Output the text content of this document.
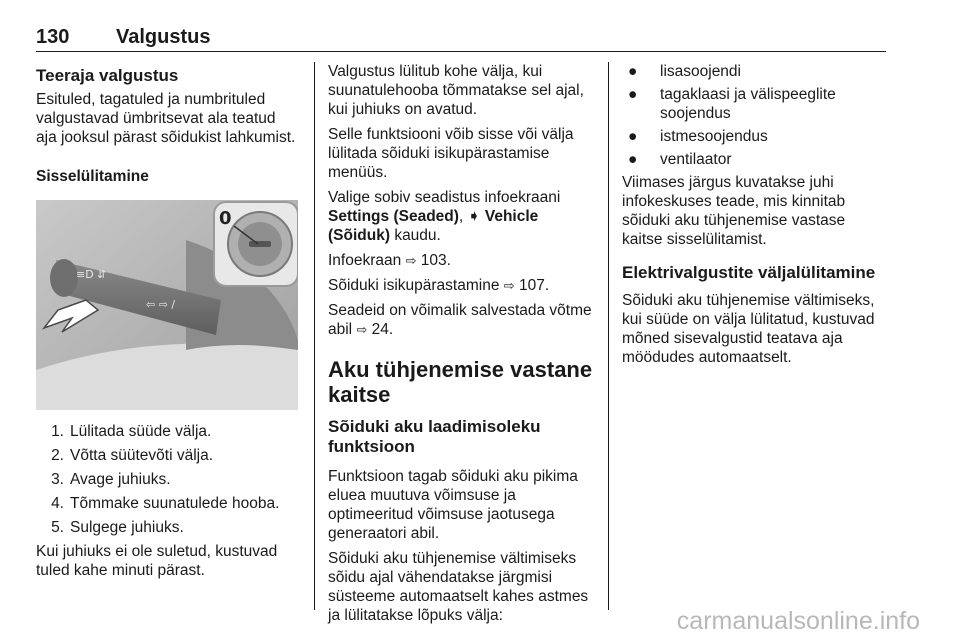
130 Valgustus
Teeraja valgustus

Esituled, tagatuled ja numbrituled valgustavad ümbritsevat ala teatud aja jooksul pärast sõidukist lahkumist.

Sisselülitamine
≡D ⇵
⇦ ⇨ /
0
1. Lülitada süüde välja.
2. Võtta süütevõti välja.
3. Avage juhiuks.
4. Tõmmake suunatulede hooba.
5. Sulgege juhiuks.

Kui juhiuks ei ole suletud, kustuvad tuled kahe minuti pärast.

Valgustus lülitub kohe välja, kui suunatulehooba tõmmatakse sel ajal, kui juhiuks on avatud.

Selle funktsiooni võib sisse või välja lülitada sõiduki isikupärastamise menüüs.

Valige sobiv seadistus infoekraani
Settings (Seaded), ➧ Vehicle (Sõiduk) kaudu.

Infoekraan ⇨ 103.

Sõiduki isikupärastamine ⇨ 107.

Seadeid on võimalik salvestada võtme abil ⇨ 24.

Aku tühjenemise vastane kaitse
Sõiduki aku laadimisoleku funktsioon

Funktsioon tagab sõiduki aku pikima eluea muutuva võimsuse ja optimeeritud võimsuse jaotusega generaatori abil.

Sõiduki aku tühjenemise vältimiseks sõidu ajal vähendatakse järgmisi süsteeme automaatselt kahes astmes ja lülitatakse lõpuks välja:

●	lisasoojendi
●	tagaklaasi ja välispeeglite soojendus
●	istmesoojendus
●	ventilaator

Viimases järgus kuvatakse juhi infokeskuses teade, mis kinnitab sõiduki aku tühjenemise vastase kaitse sisselülitamist.

Elektrivalgustite väljalülitamine

Sõiduki aku tühjenemise vältimiseks, kui süüde on välja lülitatud, kustuvad mõned sisevalgustid teatava aja möödudes automaatselt.

carmanualsonline.info
